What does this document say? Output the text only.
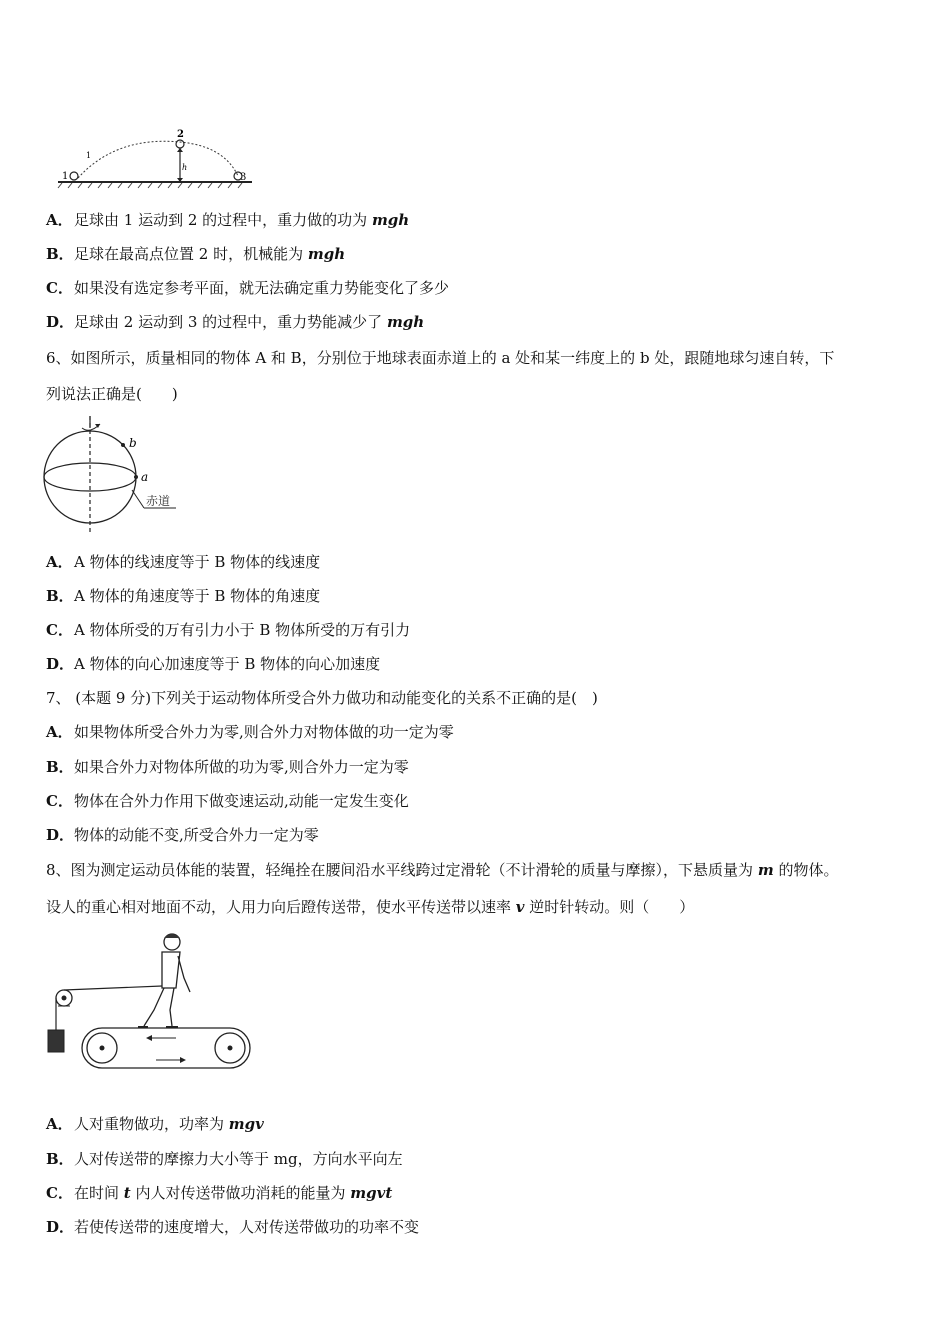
1
2
h
3
1
A．足球由 1 运动到 2 的过程中，重力做的功为 mgh
B．足球在最高点位置 2 时，机械能为 mgh
C．如果没有选定参考平面，就无法确定重力势能变化了多少
D．足球由 2 运动到 3 的过程中，重力势能减少了 mgh
6、如图所示，质量相同的物体 A 和 B，分别位于地球表面赤道上的 a 处和某一纬度上的 b 处，跟随地球匀速自转，下
列说法正确是(　　)
b
a
赤道
A．A 物体的线速度等于 B 物体的线速度
B．A 物体的角速度等于 B 物体的角速度
C．A 物体所受的万有引力小于 B 物体所受的万有引力
D．A 物体的向心加速度等于 B 物体的向心加速度
7、 (本题 9 分)下列关于运动物体所受合外力做功和动能变化的关系不正确的是(　)
A．如果物体所受合外力为零,则合外力对物体做的功一定为零
B．如果合外力对物体所做的功为零,则合外力一定为零
C．物体在合外力作用下做变速运动,动能一定发生变化
D．物体的动能不变,所受合外力一定为零
8、图为测定运动员体能的装置，轻绳拴在腰间沿水平线跨过定滑轮（不计滑轮的质量与摩擦），下悬质量为 m 的物体。
设人的重心相对地面不动，人用力向后蹬传送带，使水平传送带以速率 v 逆时针转动。则（　　）
A．人对重物做功，功率为 mgv
B．人对传送带的摩擦力大小等于 mg，方向水平向左
C．在时间 t 内人对传送带做功消耗的能量为 mgvt
D．若使传送带的速度增大，人对传送带做功的功率不变
